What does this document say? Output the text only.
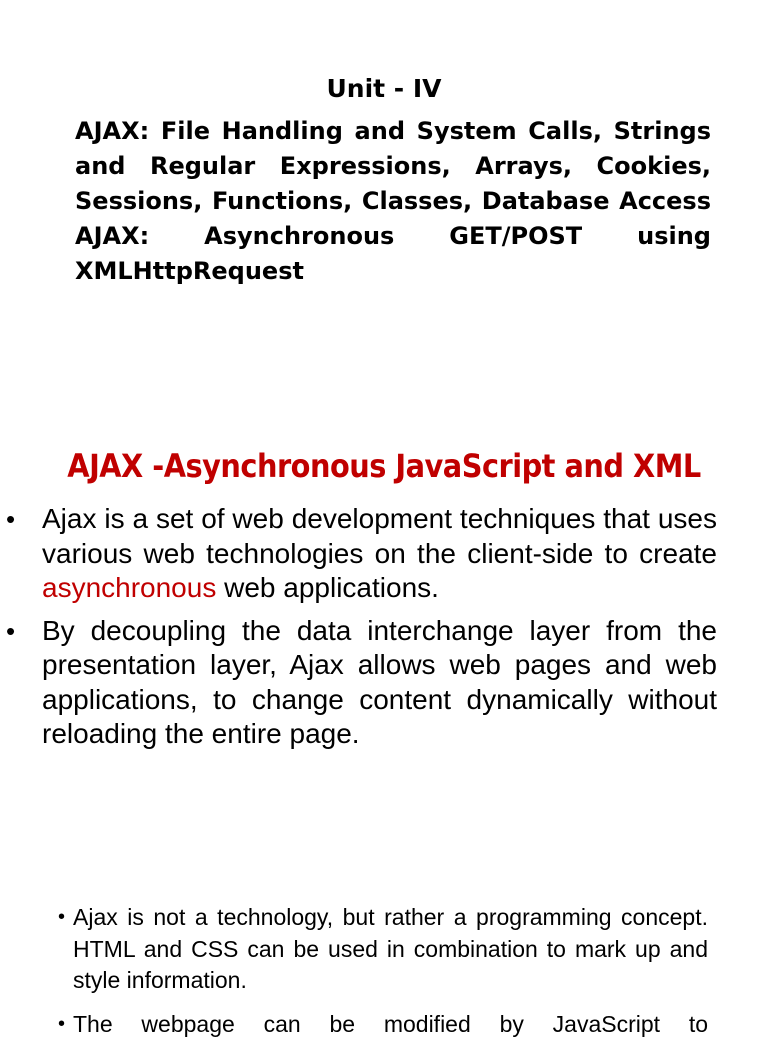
Unit - IV

AJAX: File Handling and System Calls, Strings and Regular Expressions, Arrays, Cookies, Sessions, Functions, Classes, Database Access AJAX: Asynchronous GET/POST using XMLHttpRequest

AJAX -Asynchronous JavaScript and XML
• Ajax is a set of web development techniques that uses various web technologies on the client-side to create asynchronous web applications.

• By decoupling the data interchange layer from the presentation layer, Ajax allows web pages and web applications, to change content dynamically without reloading the entire page.

• Ajax is not a technology, but rather a programming concept. HTML and CSS can be used in combination to mark up and style information.

• The webpage can be modified by JavaScript to
